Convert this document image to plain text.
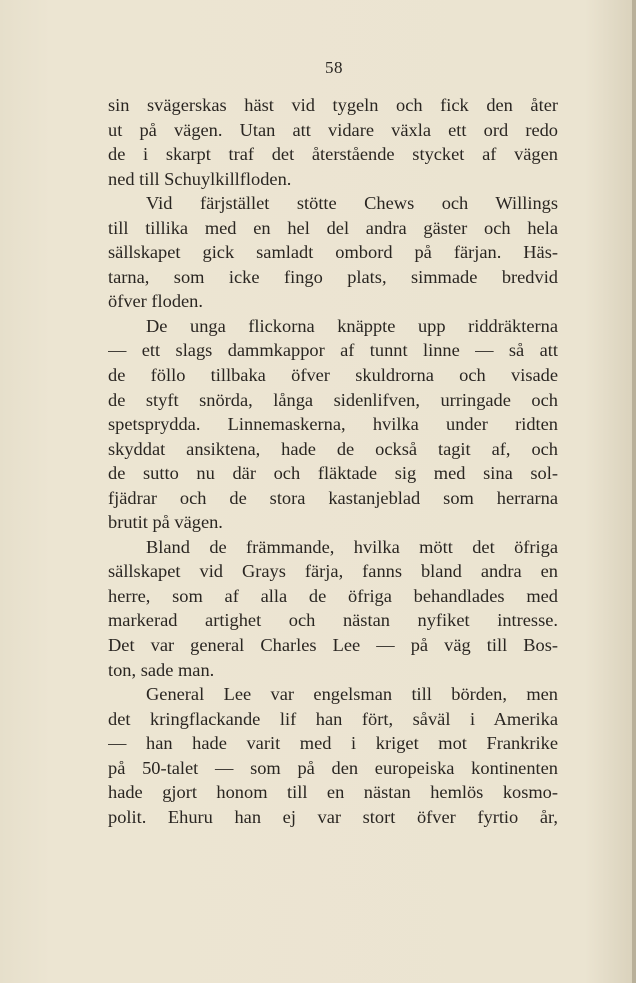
58
sin svägerskas häst vid tygeln och fick den åter
ut på vägen. Utan att vidare växla ett ord redo
de i skarpt traf det återstående stycket af vägen
ned till Schuylkillfloden.
Vid färjstället stötte Chews och Willings
till tillika med en hel del andra gäster och hela
sällskapet gick samladt ombord på färjan. Häs-
tarna, som icke fingo plats, simmade bredvid
öfver floden.
De unga flickorna knäppte upp riddräkterna
— ett slags dammkappor af tunnt linne — så att
de föllo tillbaka öfver skuldrorna och visade
de styft snörda, långa sidenlifven, urringade och
spetsprydda. Linnemaskerna, hvilka under ridten
skyddat ansiktena, hade de också tagit af, och
de sutto nu där och fläktade sig med sina sol-
fjädrar och de stora kastanjeblad som herrarna
brutit på vägen.
Bland de främmande, hvilka mött det öfriga
sällskapet vid Grays färja, fanns bland andra en
herre, som af alla de öfriga behandlades med
markerad artighet och nästan nyfiket intresse.
Det var general Charles Lee — på väg till Bos-
ton, sade man.
General Lee var engelsman till börden, men
det kringflackande lif han fört, såväl i Amerika
— han hade varit med i kriget mot Frankrike
på 50-talet — som på den europeiska kontinenten
hade gjort honom till en nästan hemlös kosmo-
polit. Ehuru han ej var stort öfver fyrtio år,
